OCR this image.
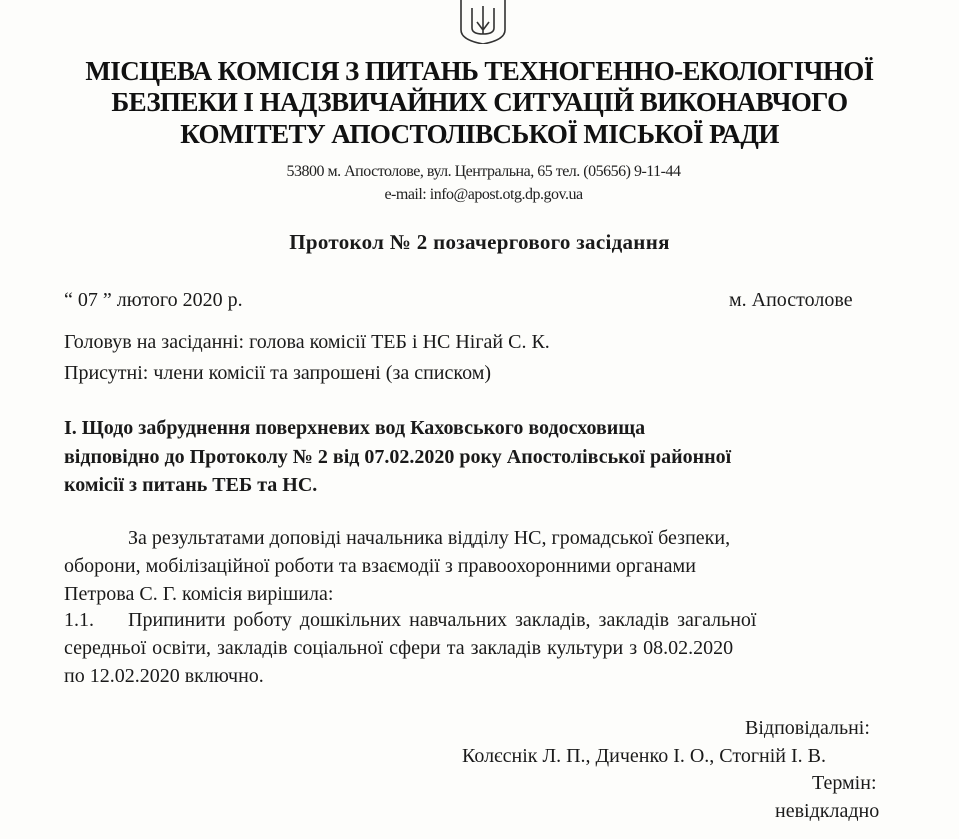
МІСЦЕВА КОМІСІЯ З ПИТАНЬ ТЕХНОГЕННО-ЕКОЛОГІЧНОЇ
БЕЗПЕКИ І НАДЗВИЧАЙНИХ СИТУАЦІЙ ВИКОНАВЧОГО
КОМІТЕТУ АПОСТОЛІВСЬКОЇ МІСЬКОЇ РАДИ
53800 м. Апостолове, вул. Центральна, 65 тел. (05656) 9-11-44
e-mail: info@apost.otg.dp.gov.ua
Протокол № 2 позачергового засідання
“ 07 ” лютого 2020 р.	м. Апостолове
Головув на засіданні: голова комісії ТЕБ і НС Нігай С. К.
Присутні: члени комісії та запрошені (за списком)
І. Щодо забруднення поверхневих вод Каховського водосховища
відповідно до Протоколу № 2 від 07.02.2020 року Апостолівської районної
комісії з питань ТЕБ та НС.
За результатами доповіді начальника відділу НС, громадської безпеки,
оборони, мобілізаційної роботи та взаємодії з правоохоронними органами
Петрова С. Г. комісія вирішила:
1.1. Припинити роботу дошкільних навчальних закладів, закладів загальної
середньої освіти, закладів соціальної сфери та закладів культури з 08.02.2020
по 12.02.2020 включно.
Відповідальні:
Колєснік Л. П., Диченко І. О., Стогній І. В.
Термін:
невідкладно
